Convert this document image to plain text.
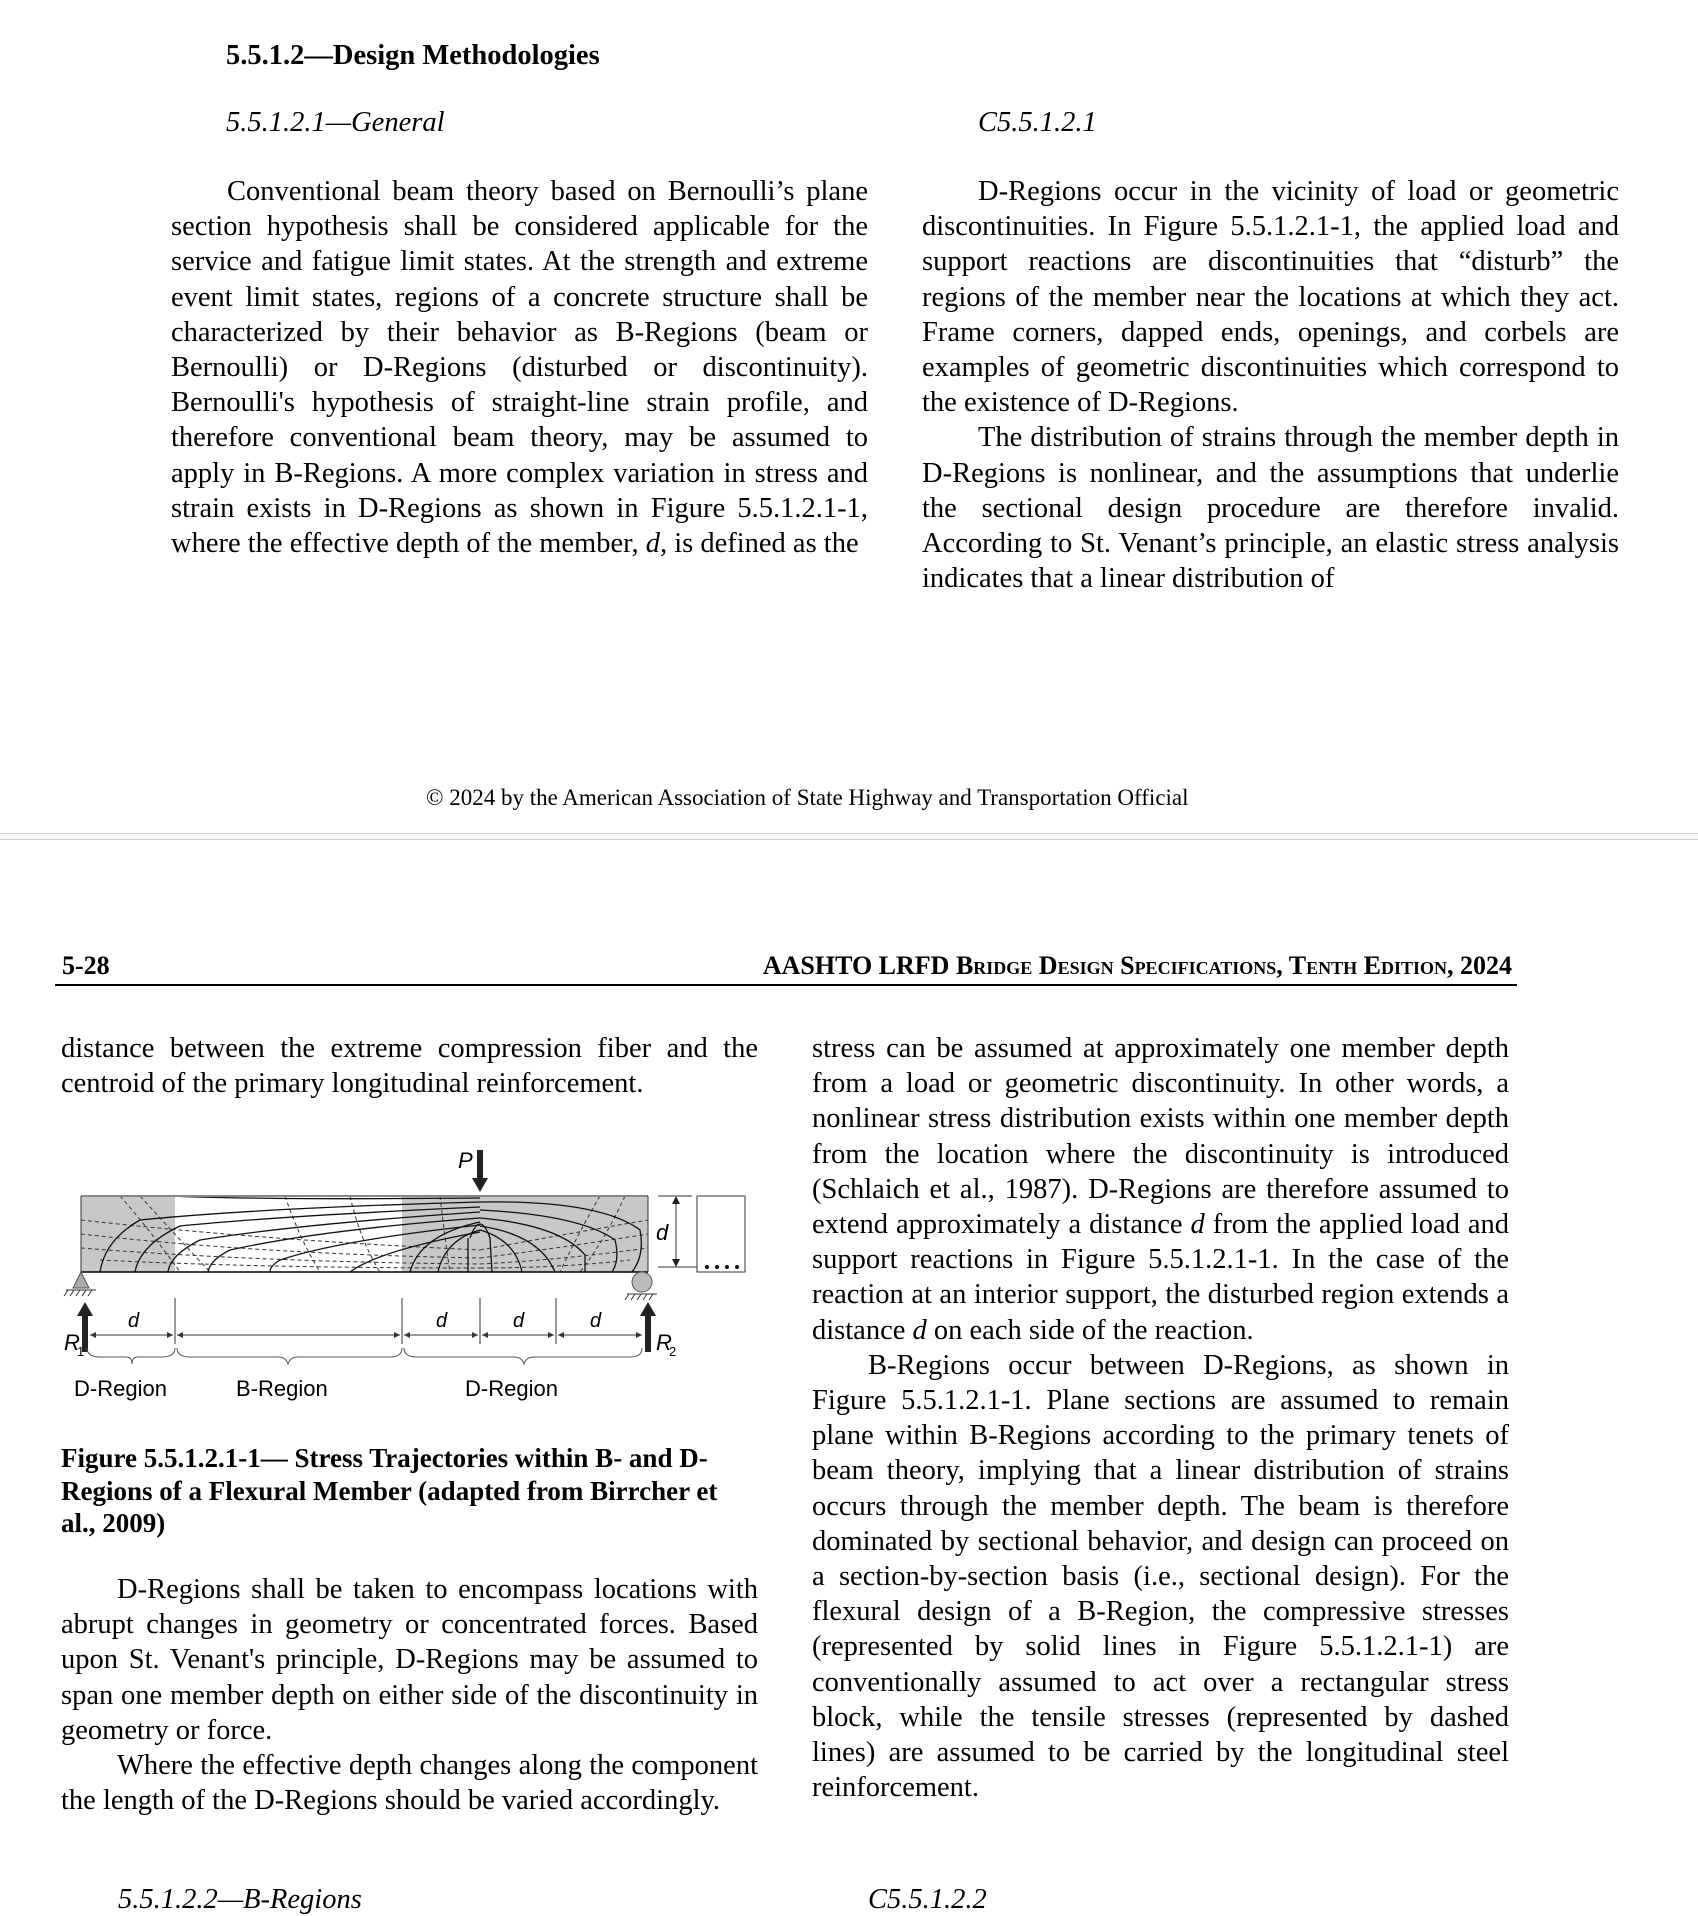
5.5.1.2—Design Methodologies
5.5.1.2.1—General	C5.5.1.2.1
Conventional beam theory based on Bernoulli’s plane section hypothesis shall be considered applicable for the service and fatigue limit states. At the strength and extreme event limit states, regions of a concrete structure shall be characterized by their behavior as B-Regions (beam or Bernoulli) or D-Regions (disturbed or discontinuity). Bernoulli's hypothesis of straight-line strain profile, and therefore conventional beam theory, may be assumed to apply in B-Regions. A more complex variation in stress and strain exists in D-Regions as shown in Figure 5.5.1.2.1-1, where the effective depth of the member, d, is defined as the
D-Regions occur in the vicinity of load or geometric discontinuities. In Figure 5.5.1.2.1-1, the applied load and support reactions are discontinuities that “disturb” the regions of the member near the locations at which they act. Frame corners, dapped ends, openings, and corbels are examples of geometric discontinuities which correspond to the existence of D-Regions.
The distribution of strains through the member depth in D-Regions is nonlinear, and the assumptions that underlie the sectional design procedure are therefore invalid. According to St. Venant’s principle, an elastic stress analysis indicates that a linear distribution of
© 2024 by the American Association of State Highway and Transportation Official
5-28	AASHTO LRFD Bridge Design Specifications, Tenth Edition, 2024
distance between the extreme compression fiber and the centroid of the primary longitudinal reinforcement.
P
R
1	R
2
d	d	d	d
D-Region	B-Region	D-Region
d
Figure 5.5.1.2.1-1— Stress Trajectories within B- and D-Regions of a Flexural Member (adapted from Birrcher et al., 2009)
D-Regions shall be taken to encompass locations with abrupt changes in geometry or concentrated forces. Based upon St. Venant's principle, D-Regions may be assumed to span one member depth on either side of the discontinuity in geometry or force.
Where the effective depth changes along the component the length of the D-Regions should be varied accordingly.
stress can be assumed at approximately one member depth from a load or geometric discontinuity. In other words, a nonlinear stress distribution exists within one member depth from the location where the discontinuity is introduced (Schlaich et al., 1987). D-Regions are therefore assumed to extend approximately a distance d from the applied load and support reactions in Figure 5.5.1.2.1-1. In the case of the reaction at an interior support, the disturbed region extends a distance d on each side of the reaction.
B-Regions occur between D-Regions, as shown in Figure 5.5.1.2.1-1. Plane sections are assumed to remain plane within B-Regions according to the primary tenets of beam theory, implying that a linear distribution of strains occurs through the member depth. The beam is therefore dominated by sectional behavior, and design can proceed on a section-by-section basis (i.e., sectional design). For the flexural design of a B-Region, the compressive stresses (represented by solid lines in Figure 5.5.1.2.1-1) are conventionally assumed to act over a rectangular stress block, while the tensile stresses (represented by dashed lines) are assumed to be carried by the longitudinal steel reinforcement.
5.5.1.2.2—B-Regions	C5.5.1.2.2
